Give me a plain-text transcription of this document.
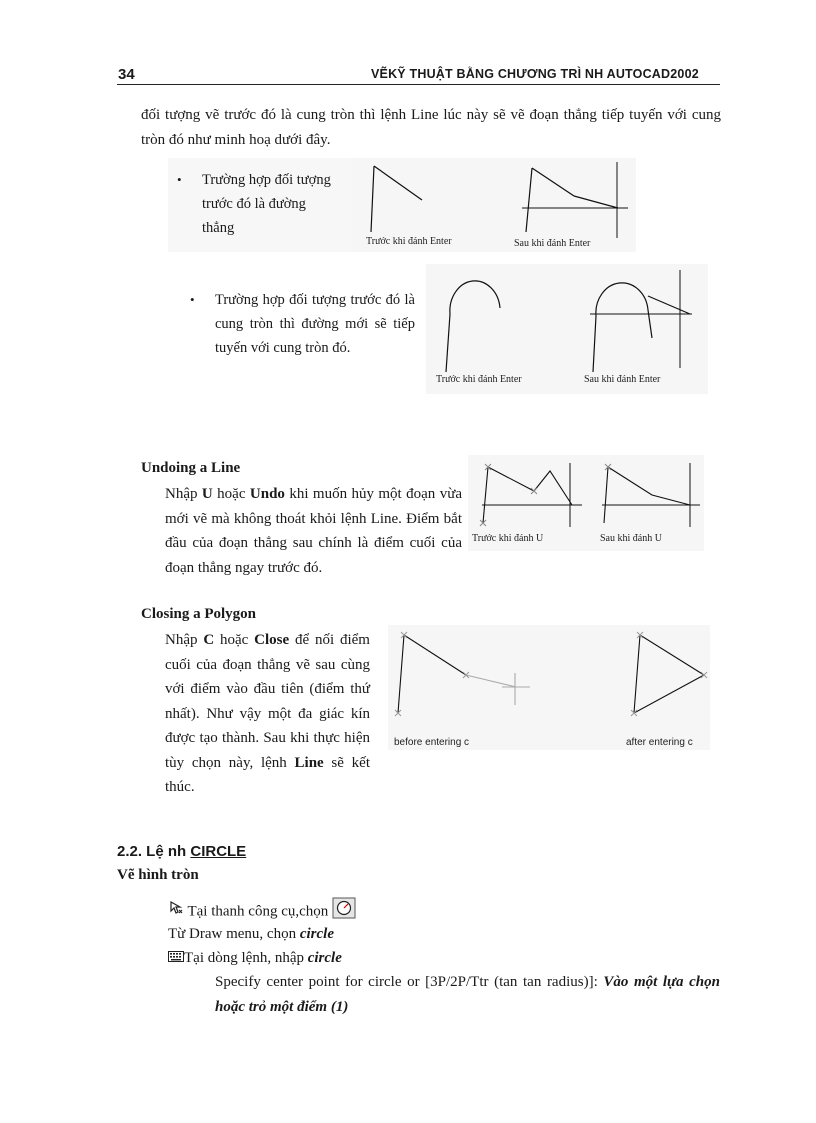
34	VẼKỸ THUẬT BẰNG CHƯƠNG TRÌ NH AUTOCAD2002
đối tượng vẽ trước đó là cung tròn thì lệnh Line lúc này sẽ vẽ đoạn thẳng tiếp tuyến với cung tròn đó như minh hoạ dưới đây.
• Trường hợp đối tượng trước đó là đường thẳng
Trước khi đánh Enter	Sau khi đánh Enter
• Trường hợp đối tượng trước đó là cung tròn thì đường mới sẽ tiếp tuyến với cung tròn đó.
Trước khi đánh Enter	Sau khi đánh Enter
Undoing a Line
Nhập U hoặc Undo khi muốn hủy một đoạn vừa mới vẽ mà không thoát khỏi lệnh Line. Điểm bắt đầu của đoạn thẳng sau chính là điểm cuối của đoạn thẳng ngay trước đó.
Trước khi đánh U	Sau khi đánh U
Closing a Polygon
Nhập C hoặc Close để nối điểm cuối của đoạn thẳng vẽ sau cùng với điểm vào đầu tiên (điểm thứ nhất). Như vậy một đa giác kín được tạo thành. Sau khi thực hiện tùy chọn này, lệnh Line sẽ kết thúc.
before entering c	after entering c
2.2. Lệ nh CIRCLE
Vẽ hình tròn
Tại thanh công cụ,chọn
Từ Draw menu, chọn circle
Tại dòng lệnh, nhập circle
Specify center point for circle or [3P/2P/Ttr (tan tan radius)]: Vào một lựa chọn hoặc trỏ một điểm (1)
